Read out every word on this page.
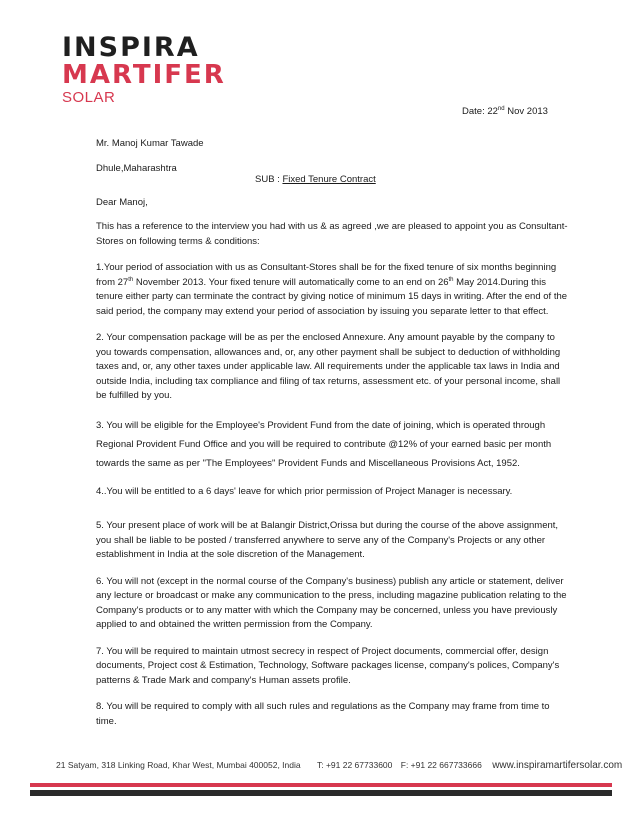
INSPIRA
MARTIFER
SOLAR
Date: 22nd Nov 2013
Mr. Manoj Kumar Tawade
Dhule,Maharashtra
SUB : Fixed Tenure Contract
Dear Manoj,

This has a reference to the interview you had with us & as agreed ,we are pleased to appoint you as Consultant- Stores on following terms & conditions:

1.Your period of association with us as Consultant-Stores shall be for the fixed tenure of six months beginning from 27th November 2013. Your fixed tenure will automatically come to an end on 26th May 2014.During this tenure either party can terminate the contract by giving notice of minimum 15 days in writing. After the end of the said period, the company may extend your period of association by issuing you separate letter to that effect.

2. Your compensation package will be as per the enclosed Annexure. Any amount payable by the company to you towards compensation, allowances and, or, any other payment shall be subject to deduction of withholding taxes and, or, any other taxes under applicable law. All requirements under the applicable tax laws in India and outside India, including tax compliance and filing of tax returns, assessment etc. of your personal income, shall be fulfilled by you.

3. You will be eligible for the Employee's Provident Fund from the date of joining, which is operated through Regional Provident Fund Office and you will be required to contribute @12% of your earned basic per month towards the same as per "The Employees" Provident Funds and Miscellaneous Provisions Act, 1952.

4..You will be entitled to a 6 days' leave for which prior permission of Project Manager is necessary.

5. Your present place of work will be at Balangir District,Orissa but during the course of the above assignment, you shall be liable to be posted / transferred anywhere to serve any of the Company's Projects or any other establishment in India at the sole discretion of the Management.

6. You will not (except in the normal course of the Company's business) publish any article or statement, deliver any lecture or broadcast or make any communication to the press, including magazine publication relating to the Company's products or to any matter with which the Company may be concerned, unless you have previously applied to and obtained the written permission from the Company.

7. You will be required to maintain utmost secrecy in respect of Project documents, commercial offer, design documents, Project cost & Estimation, Technology, Software packages license, company's polices, Company's patterns & Trade Mark and company's Human assets profile.

8. You will be required to comply with all such rules and regulations as the Company may frame from time to time.

21 Satyam, 318 Linking Road, Khar West, Mumbai 400052, India T: +91 22 67733600 F: +91 22 667733666 www.inspiramartifersolar.com
